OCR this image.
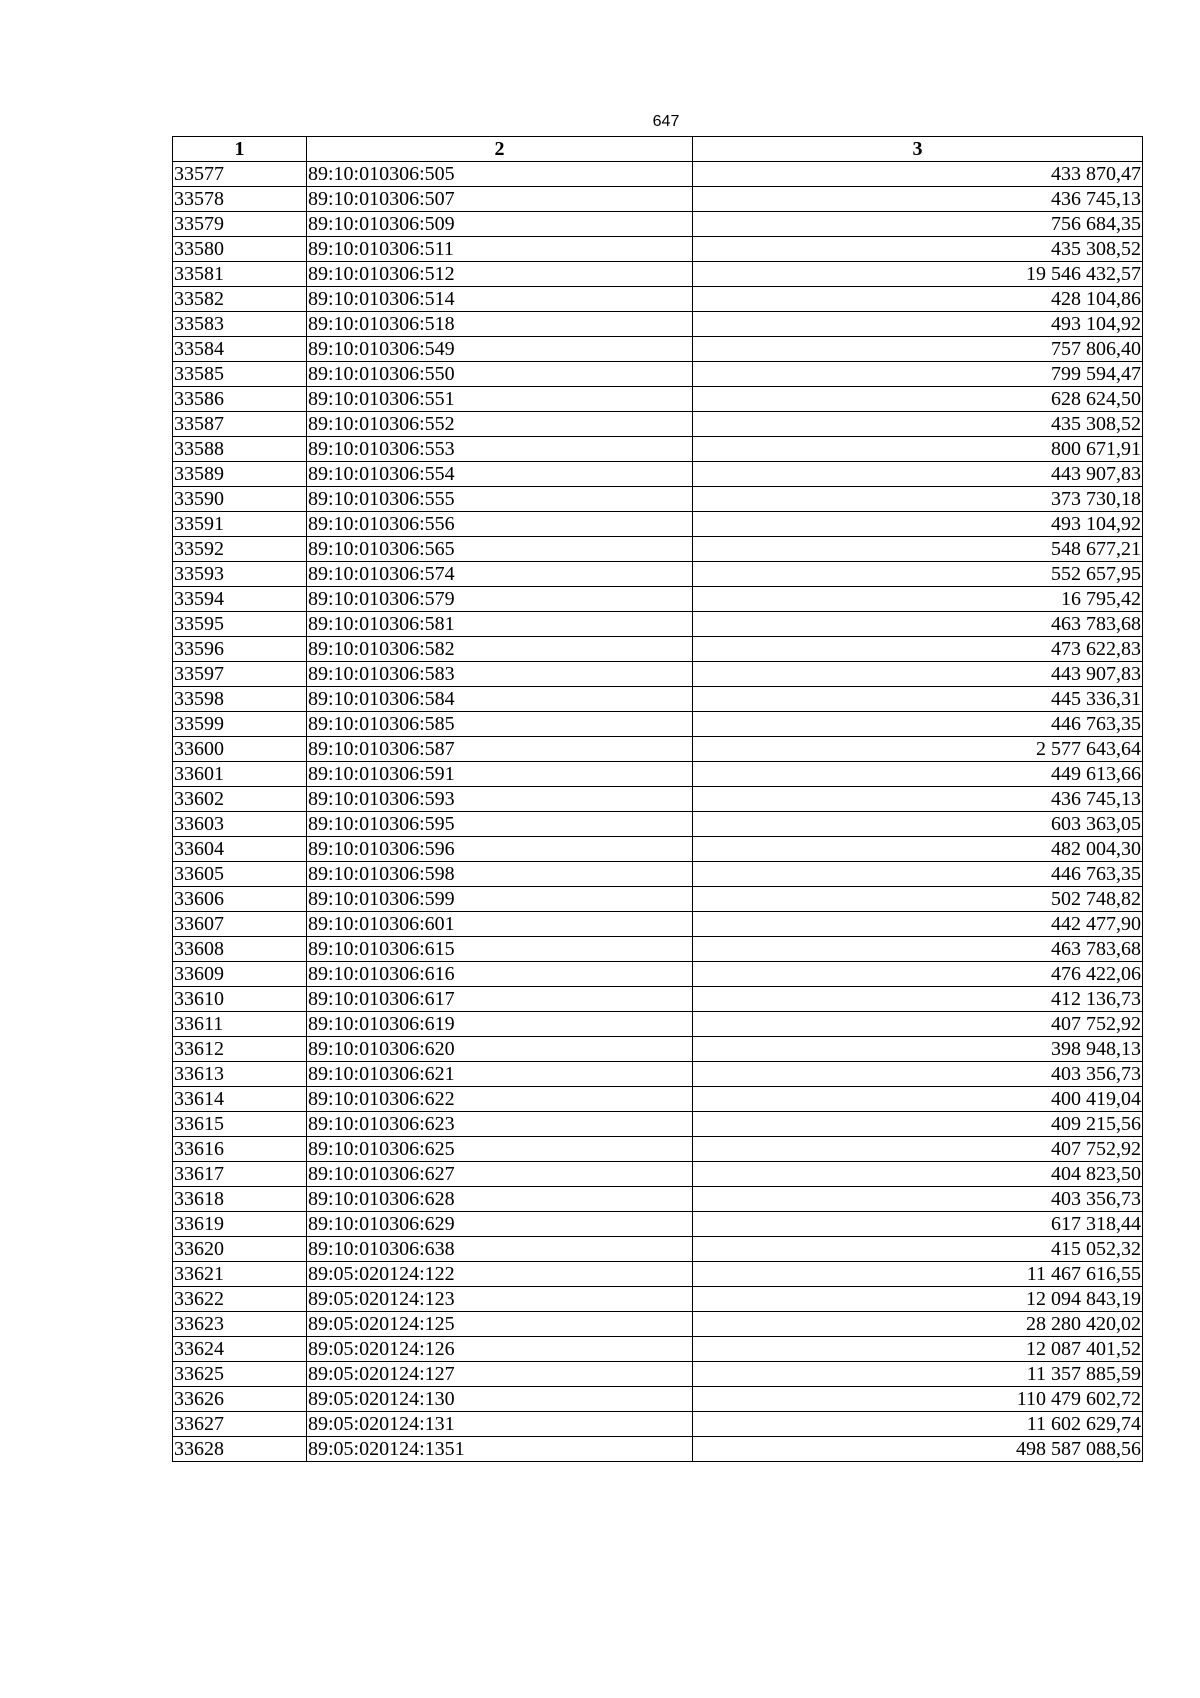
647
1	2	3
33577	89:10:010306:505	433 870,47
33578	89:10:010306:507	436 745,13
33579	89:10:010306:509	756 684,35
33580	89:10:010306:511	435 308,52
33581	89:10:010306:512	19 546 432,57
33582	89:10:010306:514	428 104,86
33583	89:10:010306:518	493 104,92
33584	89:10:010306:549	757 806,40
33585	89:10:010306:550	799 594,47
33586	89:10:010306:551	628 624,50
33587	89:10:010306:552	435 308,52
33588	89:10:010306:553	800 671,91
33589	89:10:010306:554	443 907,83
33590	89:10:010306:555	373 730,18
33591	89:10:010306:556	493 104,92
33592	89:10:010306:565	548 677,21
33593	89:10:010306:574	552 657,95
33594	89:10:010306:579	16 795,42
33595	89:10:010306:581	463 783,68
33596	89:10:010306:582	473 622,83
33597	89:10:010306:583	443 907,83
33598	89:10:010306:584	445 336,31
33599	89:10:010306:585	446 763,35
33600	89:10:010306:587	2 577 643,64
33601	89:10:010306:591	449 613,66
33602	89:10:010306:593	436 745,13
33603	89:10:010306:595	603 363,05
33604	89:10:010306:596	482 004,30
33605	89:10:010306:598	446 763,35
33606	89:10:010306:599	502 748,82
33607	89:10:010306:601	442 477,90
33608	89:10:010306:615	463 783,68
33609	89:10:010306:616	476 422,06
33610	89:10:010306:617	412 136,73
33611	89:10:010306:619	407 752,92
33612	89:10:010306:620	398 948,13
33613	89:10:010306:621	403 356,73
33614	89:10:010306:622	400 419,04
33615	89:10:010306:623	409 215,56
33616	89:10:010306:625	407 752,92
33617	89:10:010306:627	404 823,50
33618	89:10:010306:628	403 356,73
33619	89:10:010306:629	617 318,44
33620	89:10:010306:638	415 052,32
33621	89:05:020124:122	11 467 616,55
33622	89:05:020124:123	12 094 843,19
33623	89:05:020124:125	28 280 420,02
33624	89:05:020124:126	12 087 401,52
33625	89:05:020124:127	11 357 885,59
33626	89:05:020124:130	110 479 602,72
33627	89:05:020124:131	11 602 629,74
33628	89:05:020124:1351	498 587 088,56
